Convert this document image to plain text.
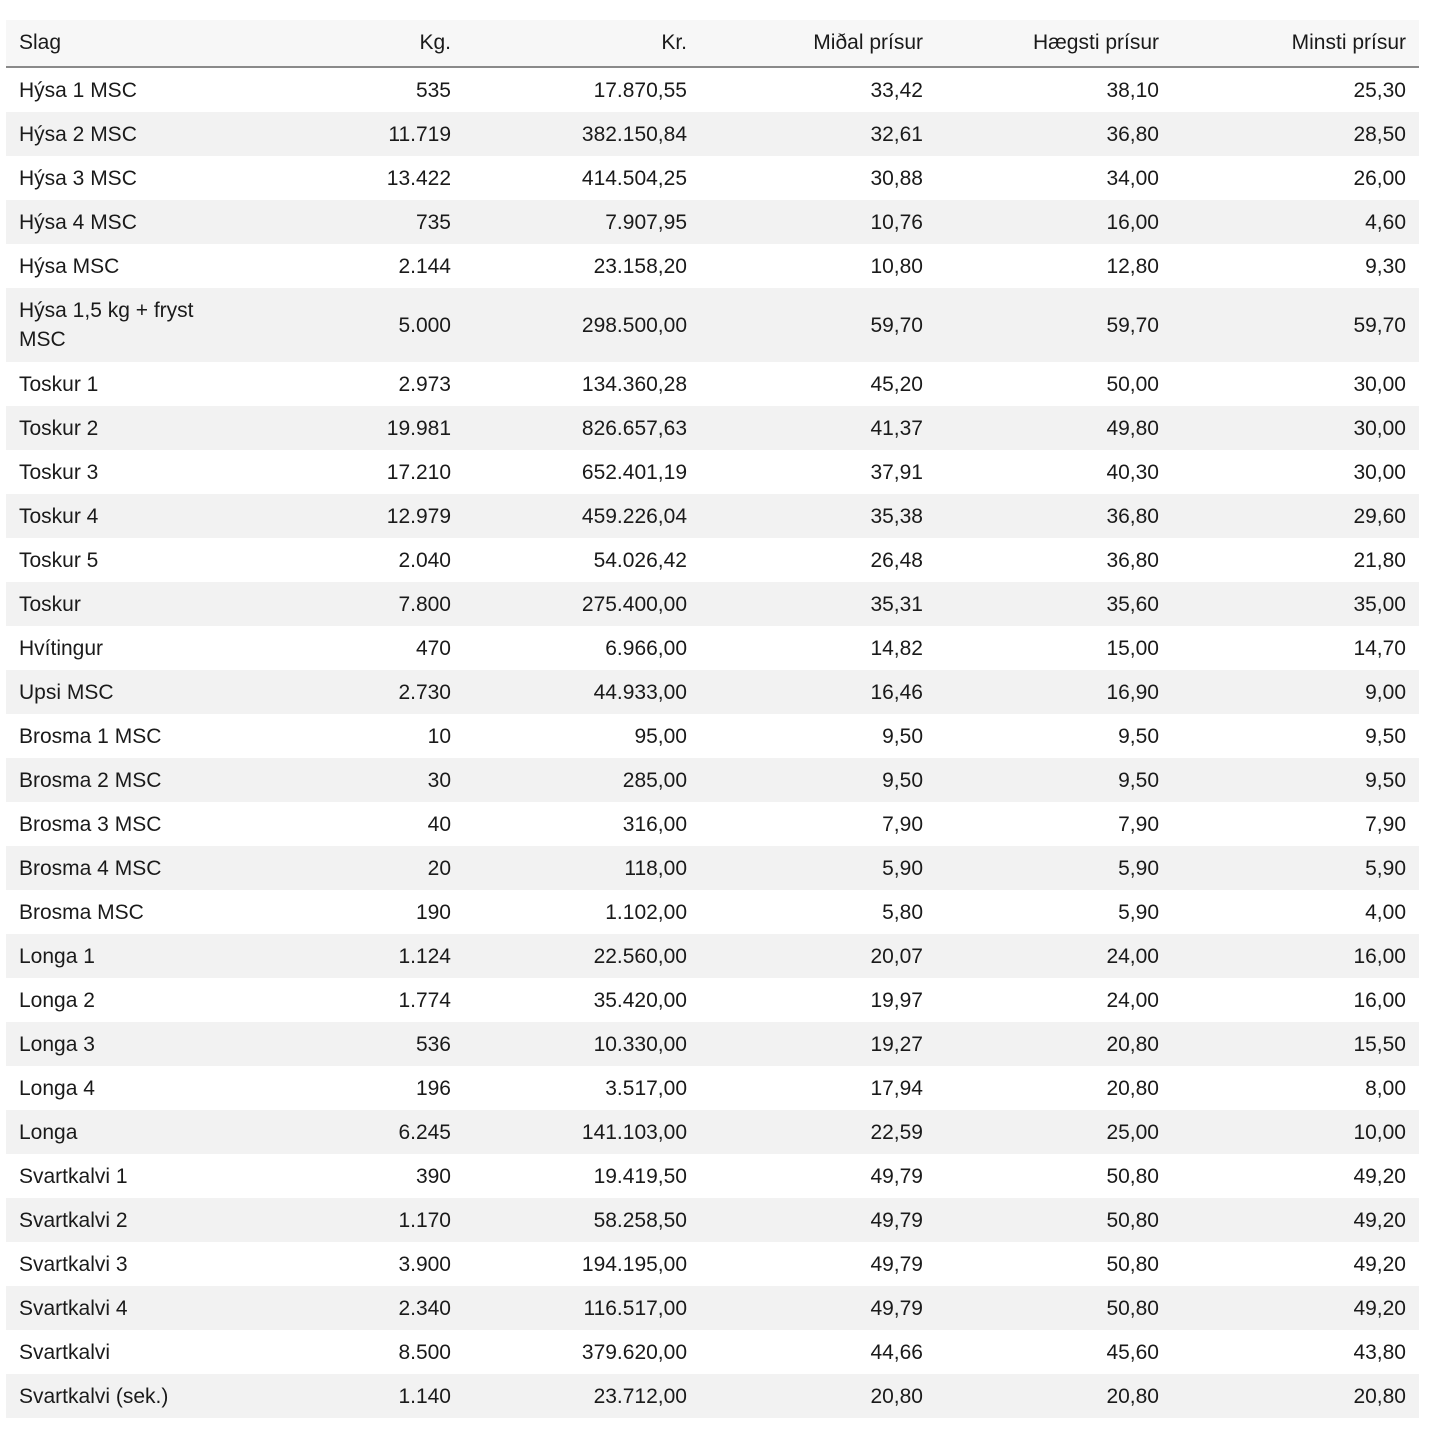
Slag	Kg.	Kr.	Miðal prísur	Hægsti prísur	Minsti prísur
Hýsa 1 MSC	535	17.870,55	33,42	38,10	25,30
Hýsa 2 MSC	11.719	382.150,84	32,61	36,80	28,50
Hýsa 3 MSC	13.422	414.504,25	30,88	34,00	26,00
Hýsa 4 MSC	735	7.907,95	10,76	16,00	4,60
Hýsa MSC	2.144	23.158,20	10,80	12,80	9,30
Hýsa 1,5 kg + fryst MSC	5.000	298.500,00	59,70	59,70	59,70
Toskur 1	2.973	134.360,28	45,20	50,00	30,00
Toskur 2	19.981	826.657,63	41,37	49,80	30,00
Toskur 3	17.210	652.401,19	37,91	40,30	30,00
Toskur 4	12.979	459.226,04	35,38	36,80	29,60
Toskur 5	2.040	54.026,42	26,48	36,80	21,80
Toskur	7.800	275.400,00	35,31	35,60	35,00
Hvítingur	470	6.966,00	14,82	15,00	14,70
Upsi MSC	2.730	44.933,00	16,46	16,90	9,00
Brosma 1 MSC	10	95,00	9,50	9,50	9,50
Brosma 2 MSC	30	285,00	9,50	9,50	9,50
Brosma 3 MSC	40	316,00	7,90	7,90	7,90
Brosma 4 MSC	20	118,00	5,90	5,90	5,90
Brosma MSC	190	1.102,00	5,80	5,90	4,00
Longa 1	1.124	22.560,00	20,07	24,00	16,00
Longa 2	1.774	35.420,00	19,97	24,00	16,00
Longa 3	536	10.330,00	19,27	20,80	15,50
Longa 4	196	3.517,00	17,94	20,80	8,00
Longa	6.245	141.103,00	22,59	25,00	10,00
Svartkalvi 1	390	19.419,50	49,79	50,80	49,20
Svartkalvi 2	1.170	58.258,50	49,79	50,80	49,20
Svartkalvi 3	3.900	194.195,00	49,79	50,80	49,20
Svartkalvi 4	2.340	116.517,00	49,79	50,80	49,20
Svartkalvi	8.500	379.620,00	44,66	45,60	43,80
Svartkalvi (sek.)	1.140	23.712,00	20,80	20,80	20,80
